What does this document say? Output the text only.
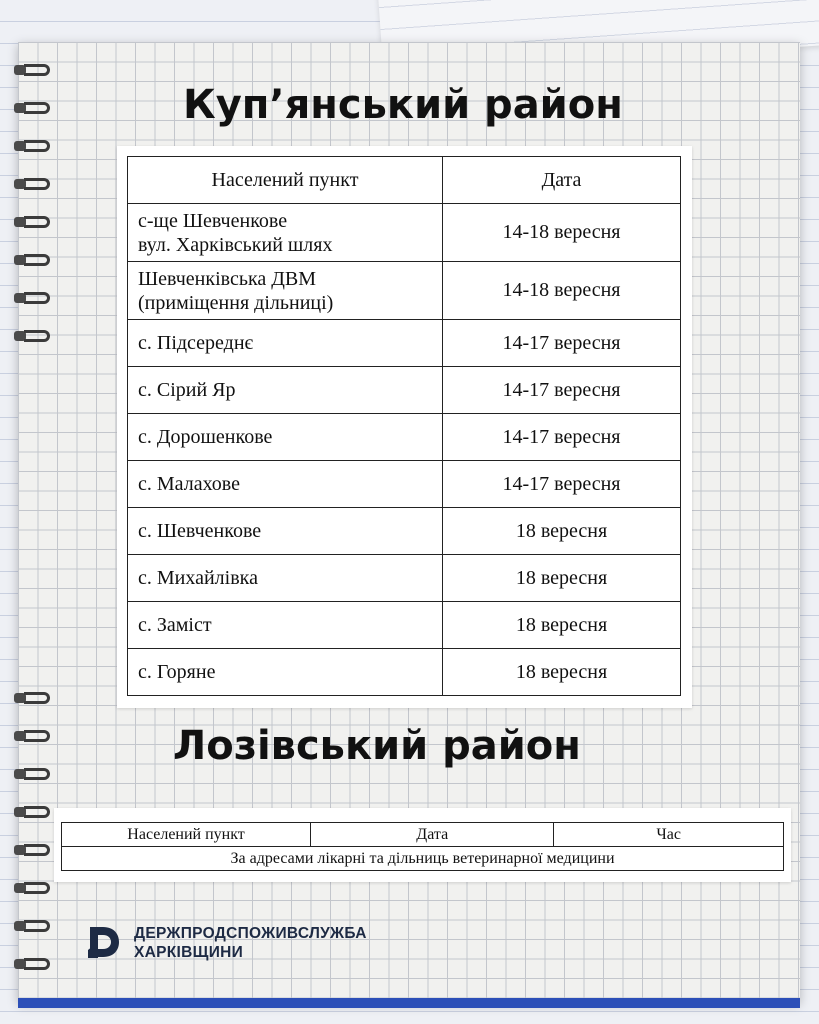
Куп’янський район
Населений пункт	Дата

с-ще Шевченкове
вул. Харківський шлях	14-18 вересня

Шевченківська ДВМ
(приміщення дільниці)	14-18 вересня

с. Підсереднє	14-17 вересня

с. Сірий Яр	14-17 вересня

с. Дорошенкове	14-17 вересня

с. Малахове	14-17 вересня

с. Шевченкове	18 вересня

с. Михайлівка	18 вересня

с. Заміст	18 вересня

с. Горяне	18 вересня
Лозівський район
Населений пункт	Дата	Час
За адресами лікарні та дільниць ветеринарної медицини
ДЕРЖПРОДСПОЖИВСЛУЖБА
ХАРКІВЩИНИ
